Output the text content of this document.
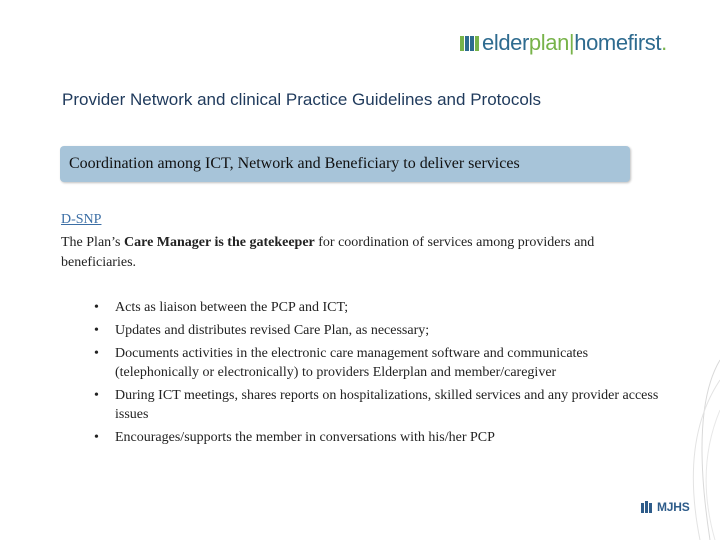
elderplan|homefirst .
Provider Network and clinical Practice Guidelines and Protocols
Coordination among ICT, Network and Beneficiary to deliver services
D-SNP
The Plan’s Care Manager is the gatekeeper for coordination of services among providers and beneficiaries.
• Acts as liaison between the PCP and ICT;
• Updates and distributes revised Care Plan, as necessary;
• Documents activities in the electronic care management software and communicates (telephonically or electronically) to providers Elderplan and member/caregiver
• During ICT meetings, shares reports on hospitalizations, skilled services and any provider access issues
• Encourages/supports the member in conversations with his/her PCP
MJHS
